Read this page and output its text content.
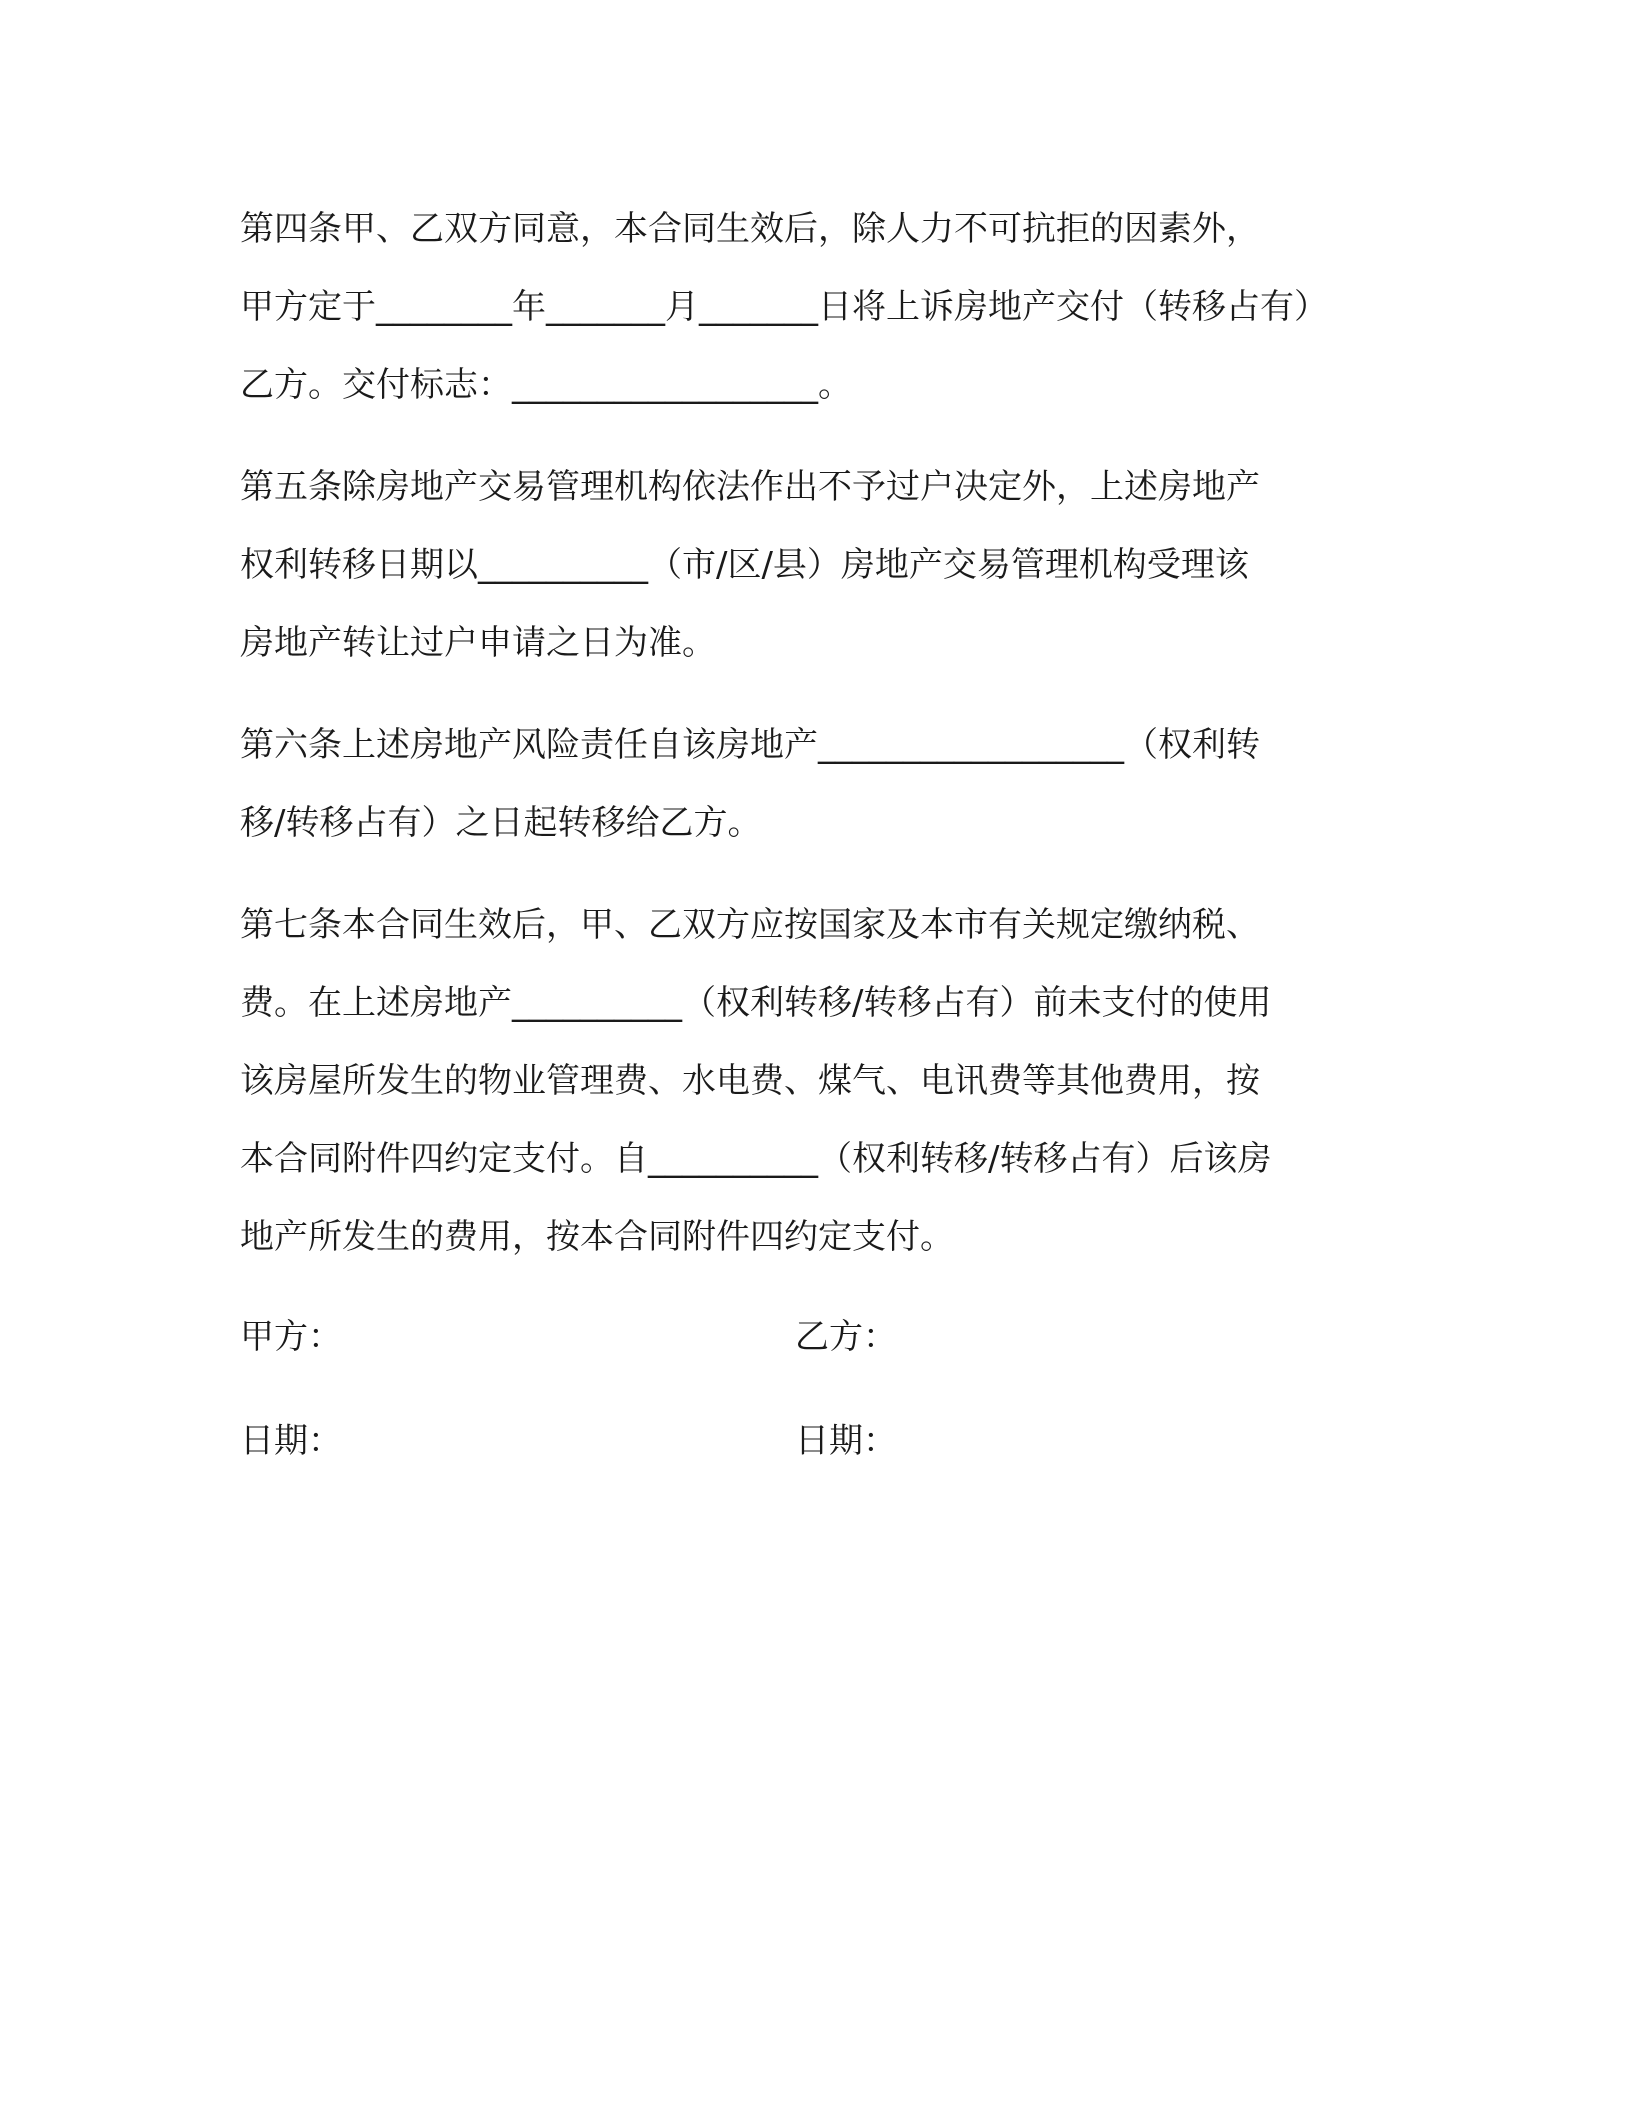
第四条甲、乙双方同意，本合同生效后，除人力不可抗拒的因素外，
甲方定于________年_______月_______日将上诉房地产交付（转移占有）
乙方。交付标志：__________________。
第五条除房地产交易管理机构依法作出不予过户决定外，上述房地产
权利转移日期以__________（市/区/县）房地产交易管理机构受理该
房地产转让过户申请之日为准。
第六条上述房地产风险责任自该房地产__________________（权利转
移/转移占有）之日起转移给乙方。
第七条本合同生效后，甲、乙双方应按国家及本市有关规定缴纳税、
费。在上述房地产__________（权利转移/转移占有）前未支付的使用
该房屋所发生的物业管理费、水电费、煤气、电讯费等其他费用，按
本合同附件四约定支付。自__________（权利转移/转移占有）后该房
地产所发生的费用，按本合同附件四约定支付。
甲方：	乙方：
日期：	日期：
